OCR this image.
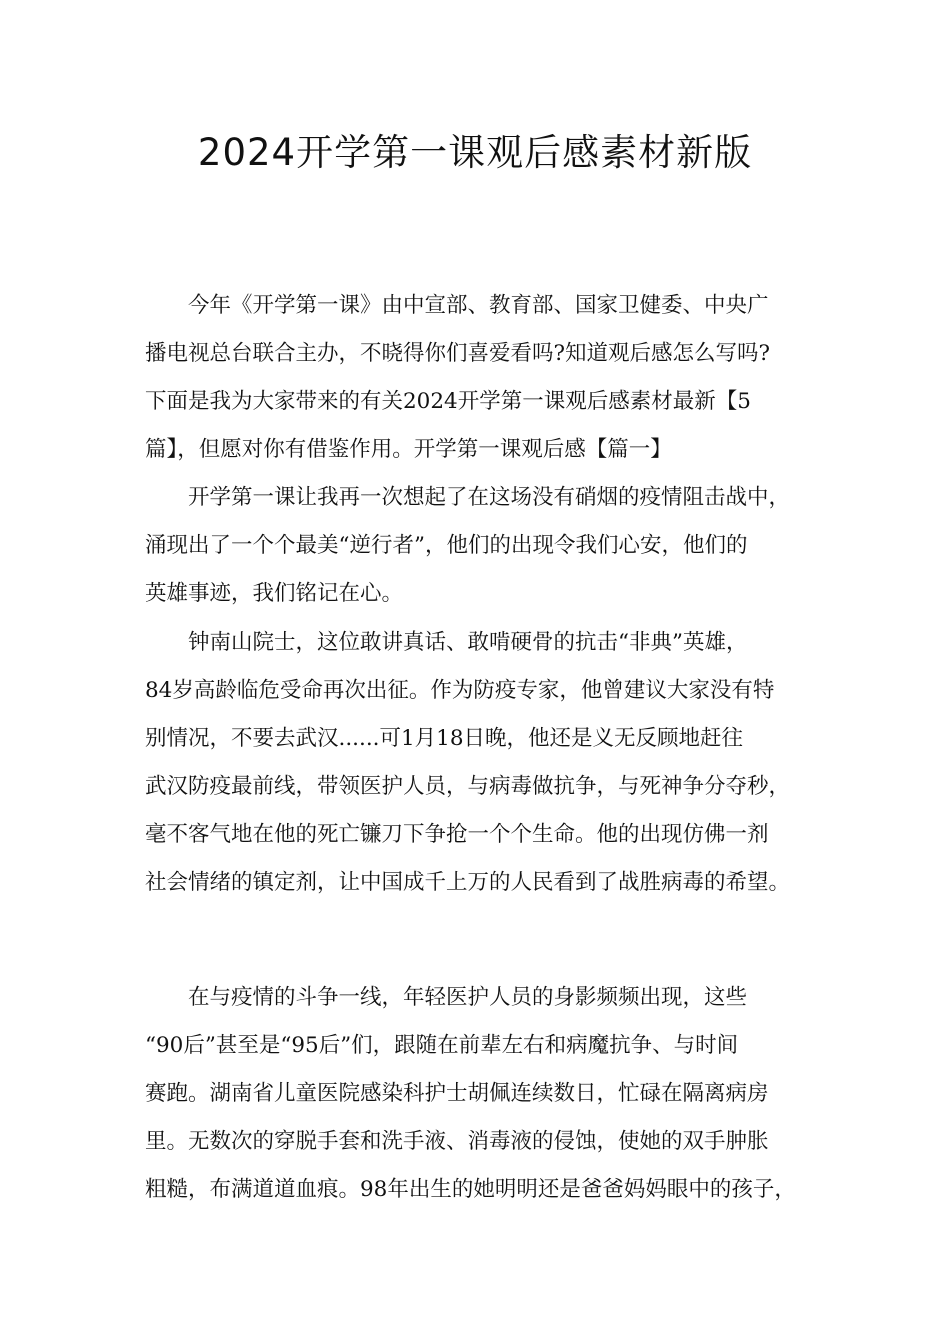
2024开学第一课观后感素材新版
　　今年《开学第一课》由中宣部、教育部、国家卫健委、中央广
播电视总台联合主办，不晓得你们喜爱看吗?知道观后感怎么写吗?
下面是我为大家带来的有关2024开学第一课观后感素材最新【5
篇】，但愿对你有借鉴作用。开学第一课观后感【篇一】
　　开学第一课让我再一次想起了在这场没有硝烟的疫情阻击战中，
涌现出了一个个最美“逆行者”，他们的出现令我们心安，他们的
英雄事迹，我们铭记在心。
　　钟南山院士，这位敢讲真话、敢啃硬骨的抗击“非典”英雄，
84岁高龄临危受命再次出征。作为防疫专家，他曾建议大家没有特
别情况，不要去武汉......可1月18日晚，他还是义无反顾地赶往
武汉防疫最前线，带领医护人员，与病毒做抗争，与死神争分夺秒，
毫不客气地在他的死亡镰刀下争抢一个个生命。他的出现仿佛一剂
社会情绪的镇定剂，让中国成千上万的人民看到了战胜病毒的希望。
　　在与疫情的斗争一线，年轻医护人员的身影频频出现，这些
“90后”甚至是“95后”们，跟随在前辈左右和病魔抗争、与时间
赛跑。湖南省儿童医院感染科护士胡佩连续数日，忙碌在隔离病房
里。无数次的穿脱手套和洗手液、消毒液的侵蚀，使她的双手肿胀
粗糙，布满道道血痕。98年出生的她明明还是爸爸妈妈眼中的孩子，
